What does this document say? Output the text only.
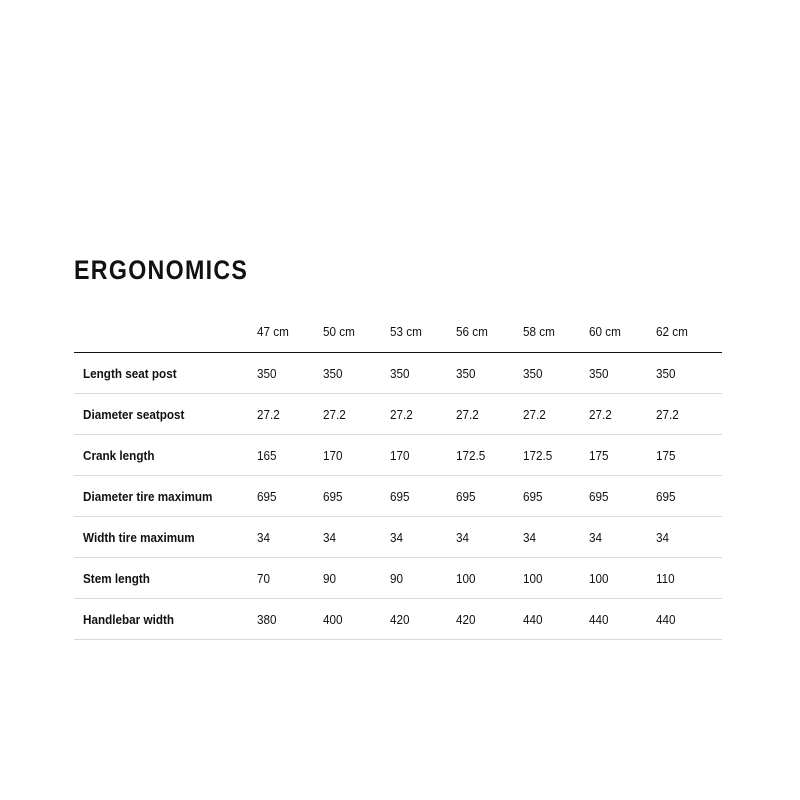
ERGONOMICS
	47 cm	50 cm	53 cm	56 cm	58 cm	60 cm	62 cm
Length seat post	350	350	350	350	350	350	350
Diameter seatpost	27.2	27.2	27.2	27.2	27.2	27.2	27.2
Crank length	165	170	170	172.5	172.5	175	175
Diameter tire maximum	695	695	695	695	695	695	695
Width tire maximum	34	34	34	34	34	34	34
Stem length	70	90	90	100	100	100	110
Handlebar width	380	400	420	420	440	440	440
